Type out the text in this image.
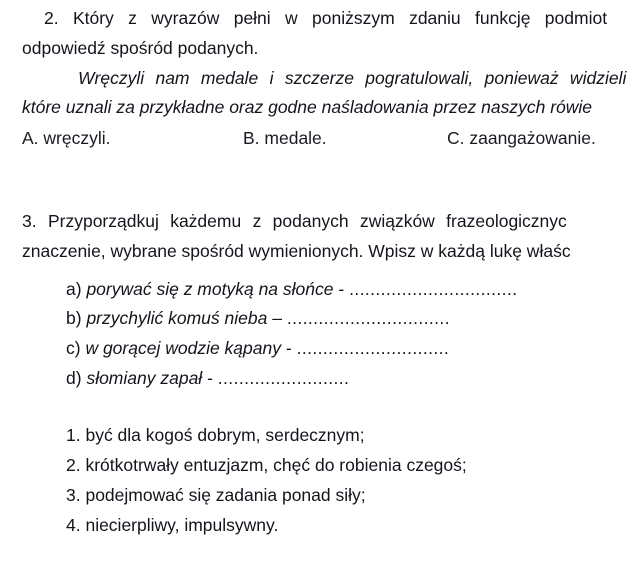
2. Który z wyrazów pełni w poniższym zdaniu funkcję podmiot
odpowiedź spośród podanych.
Wręczyli nam medale i szczerze pogratulowali, ponieważ widzieli
które uznali za przykładne oraz godne naśladowania przez naszych rówie
A. wręczyli.	B. medale.	C. zaangażowanie.
3. Przyporządkuj każdemu z podanych związków frazeologicznyc
znaczenie, wybrane spośród wymienionych. Wpisz w każdą lukę właśc
a) porywać się z motyką na słońce - ................................
b) przychylić komuś nieba – ...............................
c) w gorącej wodzie kąpany - .............................
d) słomiany zapał - .........................
1. być dla kogoś dobrym, serdecznym;
2. krótkotrwały entuzjazm, chęć do robienia czegoś;
3. podejmować się zadania ponad siły;
4. niecierpliwy, impulsywny.
